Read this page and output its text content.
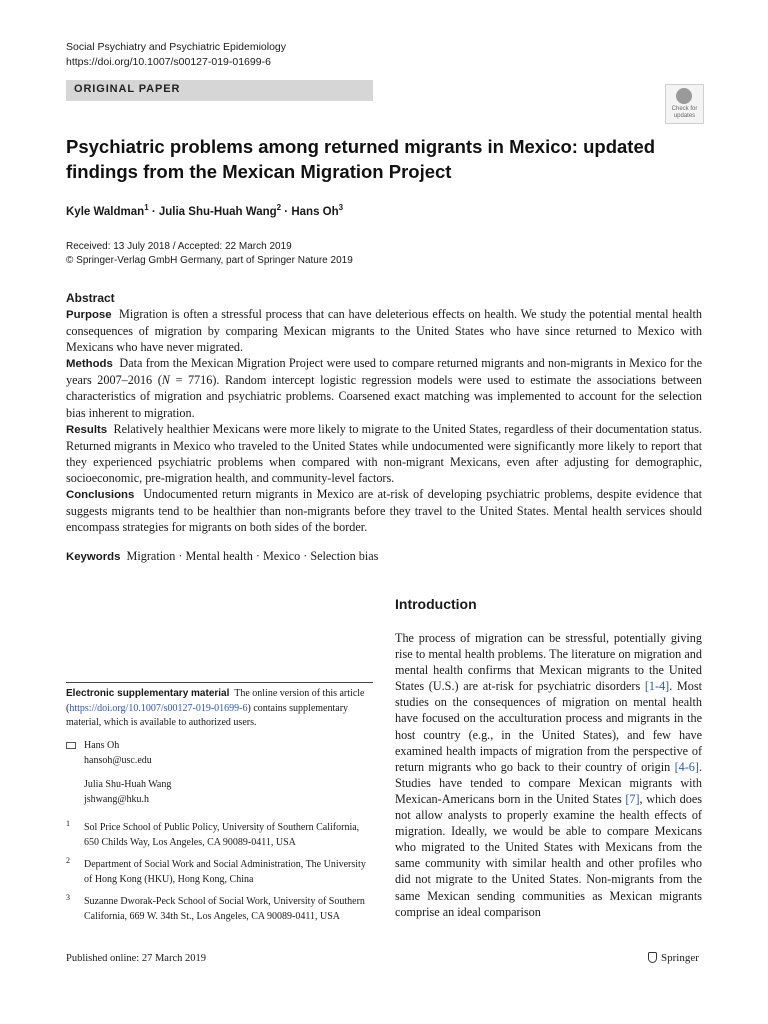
Social Psychiatry and Psychiatric Epidemiology
https://doi.org/10.1007/s00127-019-01699-6
ORIGINAL PAPER
Check for updates
Psychiatric problems among returned migrants in Mexico: updated findings from the Mexican Migration Project
Kyle Waldman$^1$ · Julia Shu-Huah Wang$^2$ · Hans Oh$^3$
Received: 13 July 2018 / Accepted: 22 March 2019
© Springer-Verlag GmbH Germany, part of Springer Nature 2019
Abstract

Purpose Migration is often a stressful process that can have deleterious effects on health. We study the potential mental health consequences of migration by comparing Mexican migrants to the United States who have since returned to Mexico with Mexicans who have never migrated.

Methods Data from the Mexican Migration Project were used to compare returned migrants and non-migrants in Mexico for the years 2007–2016 (N = 7716). Random intercept logistic regression models were used to estimate the associations between characteristics of migration and psychiatric problems. Coarsened exact matching was implemented to account for the selection bias inherent to migration.

Results Relatively healthier Mexicans were more likely to migrate to the United States, regardless of their documentation status. Returned migrants in Mexico who traveled to the United States while undocumented were significantly more likely to report that they experienced psychiatric problems when compared with non-migrant Mexicans, even after adjusting for demographic, socioeconomic, pre-migration health, and community-level factors.

Conclusions Undocumented return migrants in Mexico are at-risk of developing psychiatric problems, despite evidence that suggests migrants tend to be healthier than non-migrants before they travel to the United States. Mental health services should encompass strategies for migrants on both sides of the border.

Keywords Migration · Mental health · Mexico · Selection bias
Introduction
The process of migration can be stressful, potentially giving rise to mental health problems. The literature on migration and mental health confirms that Mexican migrants to the United States (U.S.) are at-risk for psychiatric disorders [1-4]. Most studies on the consequences of migration on mental health have focused on the acculturation process and migrants in the host country (e.g., in the United States), and few have examined health impacts of migration from the perspective of return migrants who go back to their country of origin [4-6]. Studies have tended to compare Mexican migrants with Mexican-Americans born in the United States [7], which does not allow analysts to properly examine the health effects of migration. Ideally, we would be able to compare Mexicans who migrated to the United States with Mexicans from the same community with similar health and other profiles who did not migrate to the United States. Non-migrants from the same Mexican sending communities as Mexican migrants comprise an ideal comparison
Electronic supplementary material The online version of this article (https://doi.org/10.1007/s00127-019-01699-6) contains supplementary material, which is available to authorized users.
Hans Oh
hansoh@usc.edu
Julia Shu-Huah Wang
jshwang@hku.h
1 Sol Price School of Public Policy, University of Southern California, 650 Childs Way, Los Angeles, CA 90089-0411, USA
2 Department of Social Work and Social Administration, The University of Hong Kong (HKU), Hong Kong, China
3 Suzanne Dworak-Peck School of Social Work, University of Southern California, 669 W. 34th St., Los Angeles, CA 90089-0411, USA
Published online: 27 March 2019	Springer
